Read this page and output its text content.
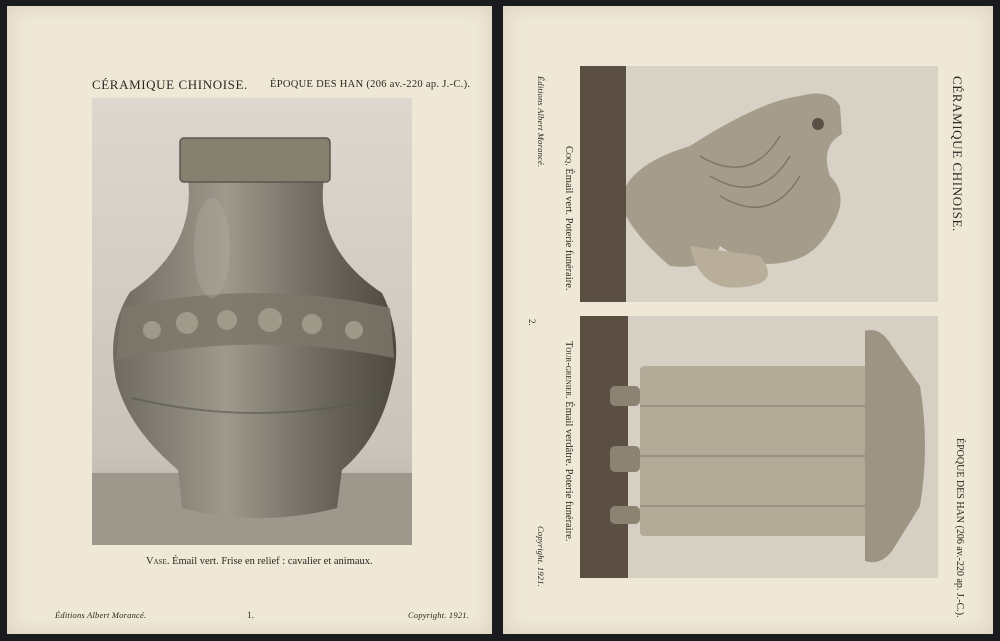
CÉRAMIQUE CHINOISE. ÉPOQUE DES HAN (206 av.-220 ap. J.-C.).
Vase. Émail vert. Frise en relief : cavalier et animaux.
Éditions Albert Morancé.	1.	Copyright. 1921.
Éditions Albert Morancé.
2.
Copyright. 1921.
Coq. Émail vert. Poterie funéraire.
Tour-grenier. Émail verdâtre. Poterie funéraire.
CÉRAMIQUE CHINOISE.
ÉPOQUE DES HAN (206 av.-220 ap. J.-C.).
